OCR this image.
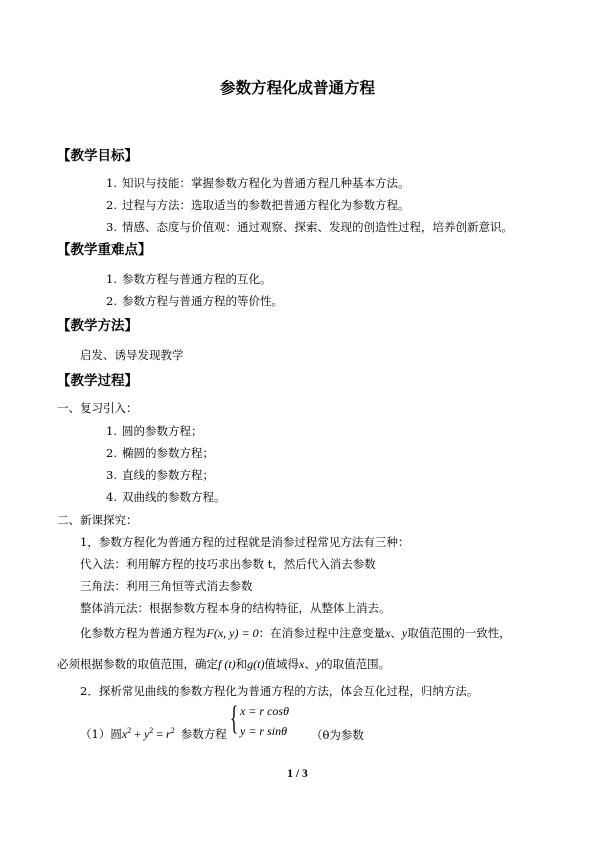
参数方程化成普通方程
【教学目标】
1. 知识与技能：掌握参数方程化为普通方程几种基本方法。
2. 过程与方法：选取适当的参数把普通方程化为参数方程。
3. 情感、态度与价值观：通过观察、探索、发现的创造性过程，培养创新意识。
【教学重难点】
1. 参数方程与普通方程的互化。
2. 参数方程与普通方程的等价性。
【教学方法】
启发、诱导发现教学
【教学过程】
一、复习引入：
1. 圆的参数方程；
2. 椭圆的参数方程；
3. 直线的参数方程；
4. 双曲线的参数方程。
二、新课探究：
1，参数方程化为普通方程的过程就是消参过程常见方法有三种：
代入法：利用解方程的技巧求出参数 t，然后代入消去参数
三角法：利用三角恒等式消去参数
整体消元法：根据参数方程本身的结构特征，从整体上消去。
化参数方程为普通方程为F(x, y) = 0：在消参过程中注意变量x、y取值范围的一致性，
必须根据参数的取值范围，确定f (t)和g(t)值域得x、y的取值范围。
2．探析常见曲线的参数方程化为普通方程的方法，体会互化过程，归纳方法。
（1）圆$x^2 + y^2 = r^2$ 参数方程 { x = r cosθ
y = r sinθ （θ为参数
1 / 3
